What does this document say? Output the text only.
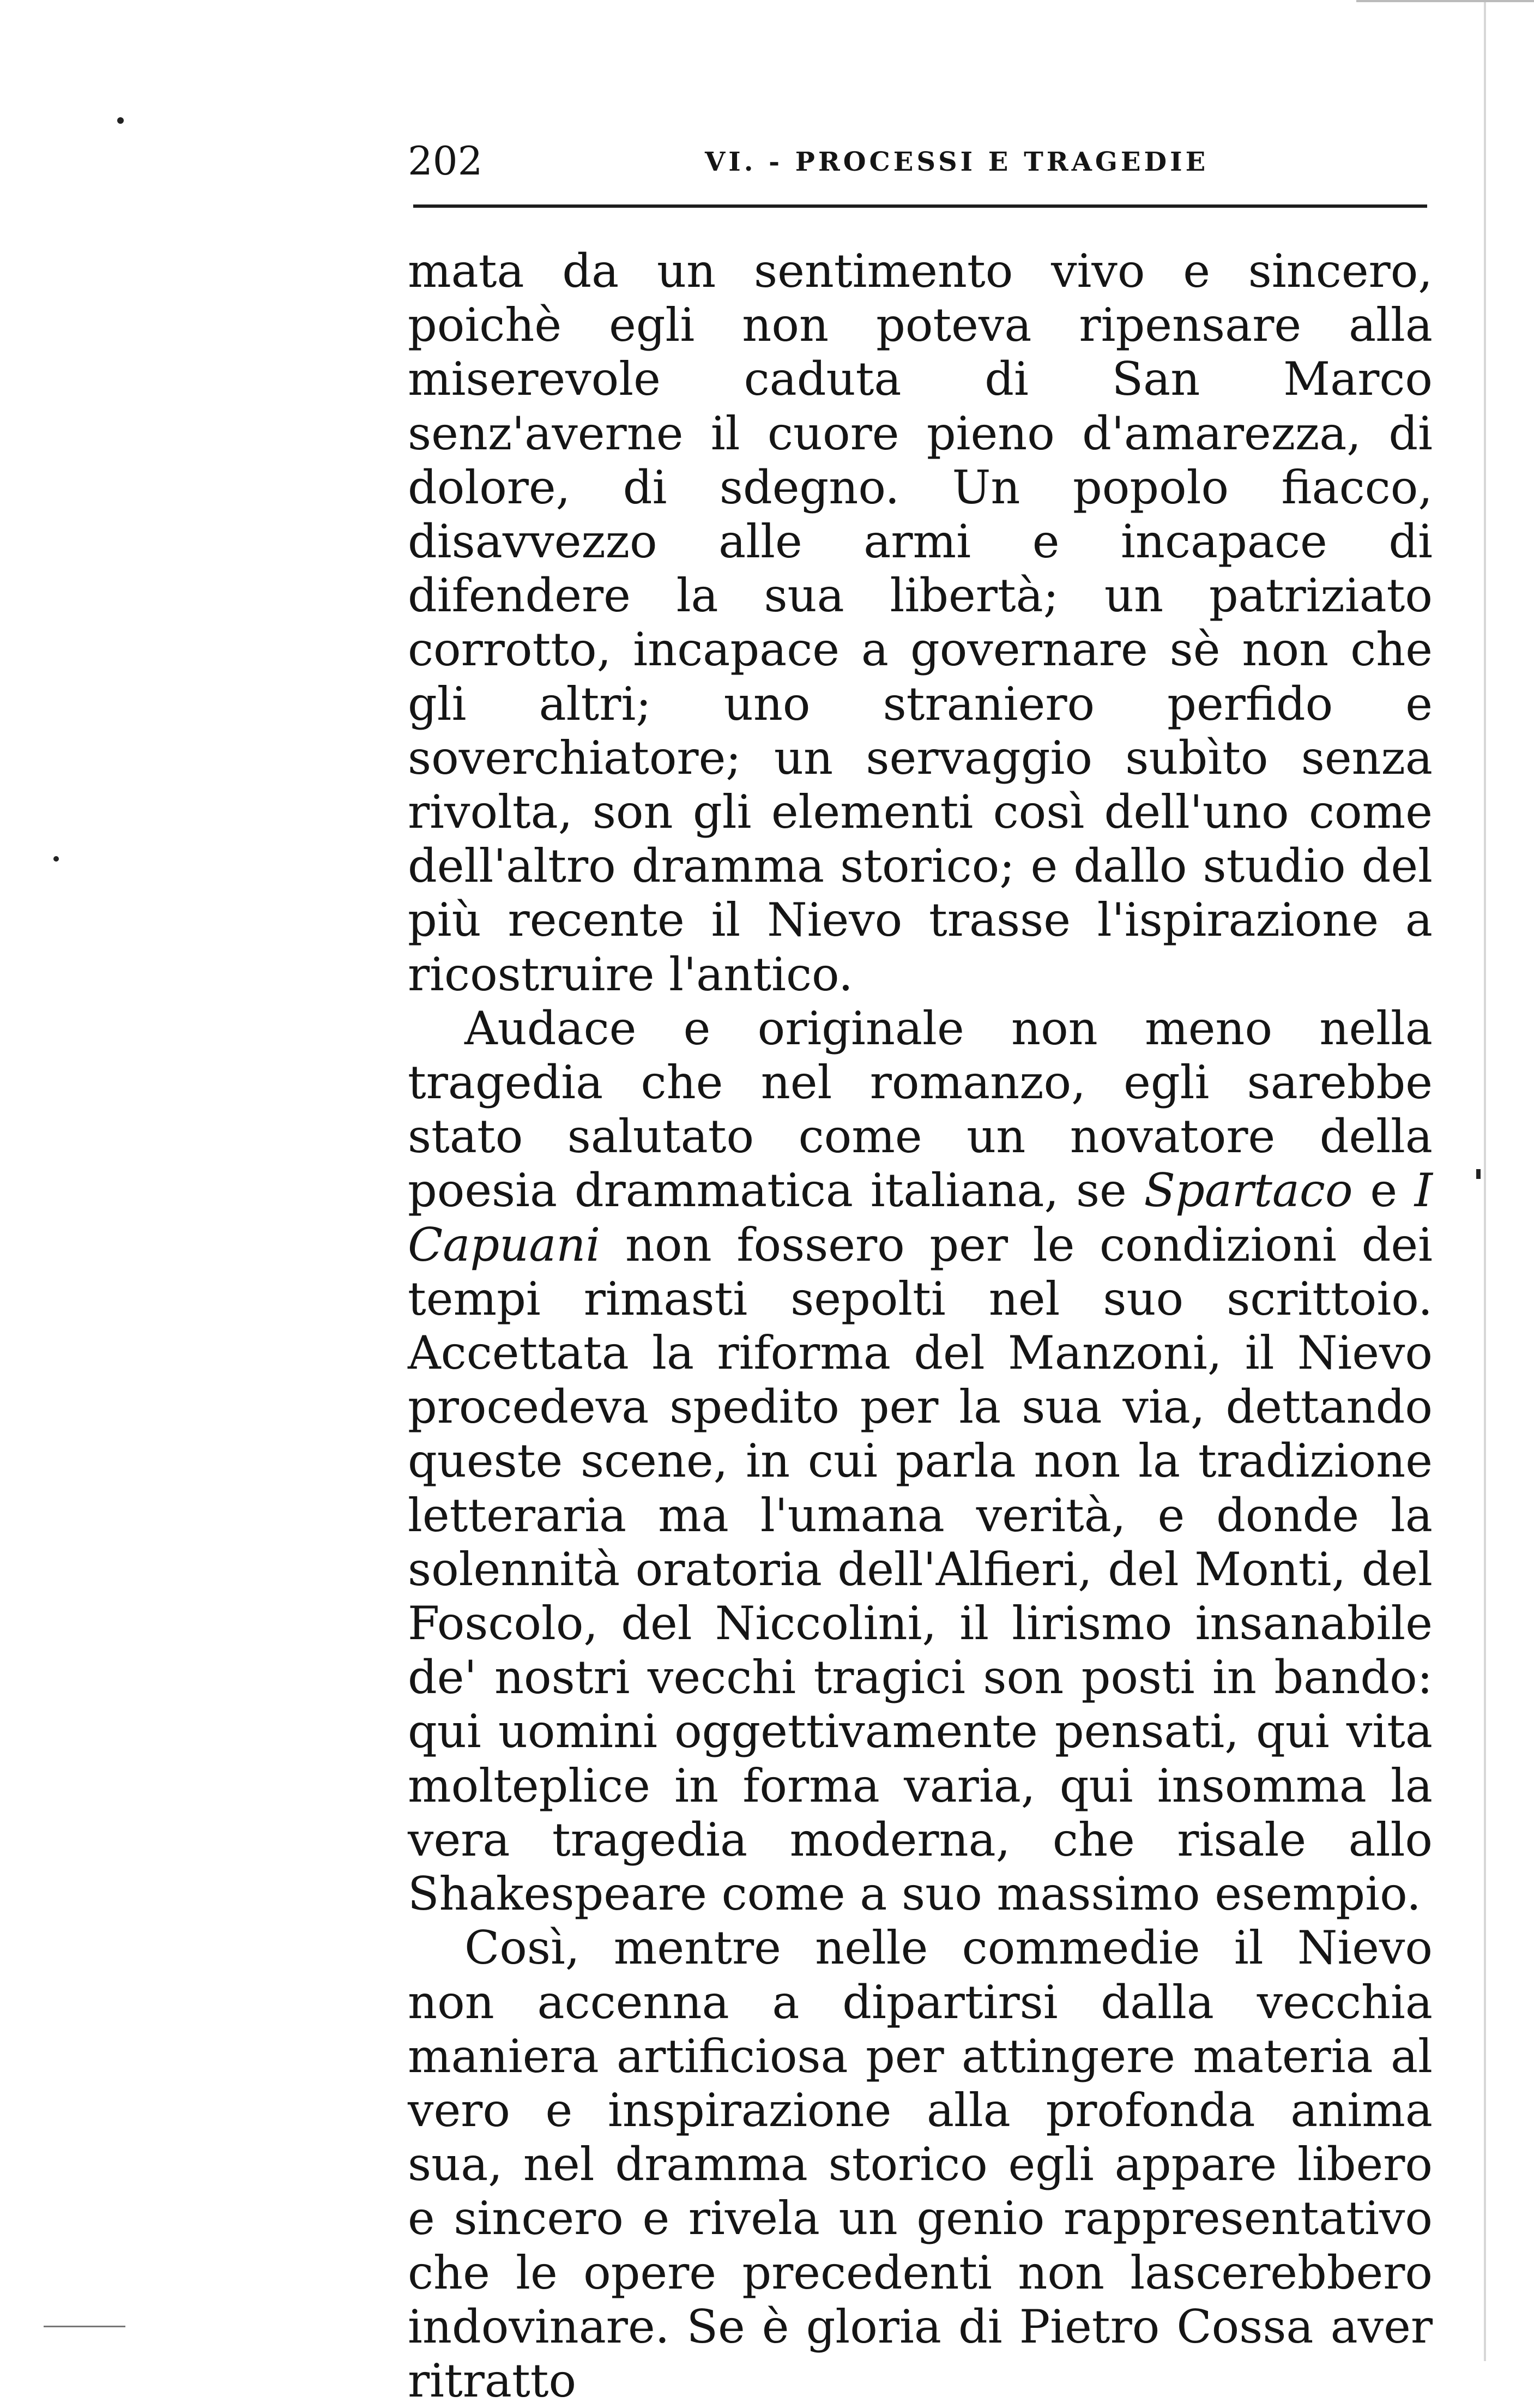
202	VI. - PROCESSI E TRAGEDIE

mata da un sentimento vivo e sincero, poichè egli non poteva ripensare alla miserevole caduta di San Marco senz'averne il cuore pieno d'amarezza, di dolore, di sdegno. Un popolo fiacco, disavvezzo alle armi e incapace di difendere la sua libertà; un patriziato corrotto, incapace a governare sè non che gli altri; uno straniero perfido e soverchiatore; un servaggio subìto senza rivolta, son gli elementi così dell'uno come dell'altro dramma storico; e dallo studio del più recente il Nievo trasse l'ispirazione a ricostruire l'antico.

Audace e originale non meno nella tragedia che nel romanzo, egli sarebbe stato salutato come un novatore della poesia drammatica italiana, se Spartaco e I Capuani non fossero per le condizioni dei tempi rimasti sepolti nel suo scrittoio. Accettata la riforma del Manzoni, il Nievo procedeva spedito per la sua via, dettando queste scene, in cui parla non la tradizione letteraria ma l'umana verità, e donde la solennità oratoria dell'Alfieri, del Monti, del Foscolo, del Niccolini, il lirismo insanabile de' nostri vecchi tragici son posti in bando: qui uomini oggettivamente pensati, qui vita molteplice in forma varia, qui insomma la vera tragedia moderna, che risale allo Shakespeare come a suo massimo esempio.

Così, mentre nelle commedie il Nievo non accenna a dipartirsi dalla vecchia maniera artificiosa per attingere materia al vero e inspirazione alla profonda anima sua, nel dramma storico egli appare libero e sincero e rivela un genio rappresentativo che le opere precedenti non lascerebbero indovinare. Se è gloria di Pietro Cossa aver ritratto
